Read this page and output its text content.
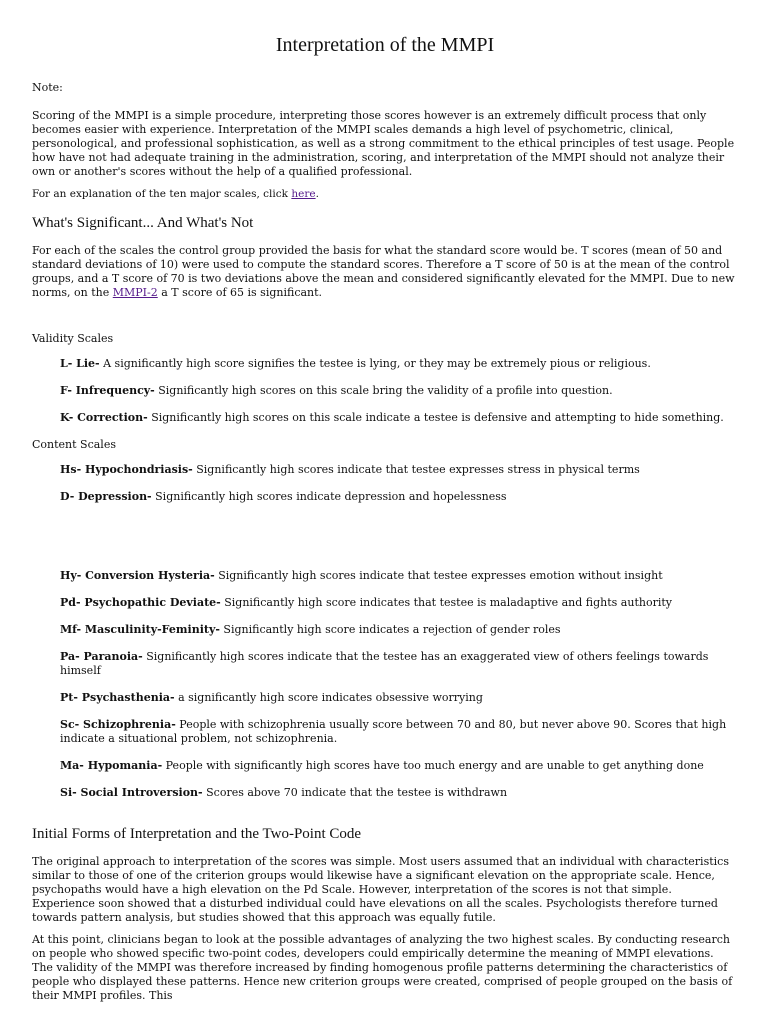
Interpretation of the MMPI

Note:

Scoring of the MMPI is a simple procedure, interpreting those scores however is an extremely difficult process that only becomes easier with experience. Interpretation of the MMPI scales demands a high level of psychometric, clinical, personological, and professional sophistication, as well as a strong commitment to the ethical principles of test usage. People how have not had adequate training in the administration, scoring, and interpretation of the MMPI should not analyze their own or another's scores without the help of a qualified professional.

For an explanation of the ten major scales, click here.

What's Significant... And What's Not

For each of the scales the control group provided the basis for what the standard score would be. T scores (mean of 50 and standard deviations of 10) were used to compute the standard scores. Therefore a T score of 50 is at the mean of the control groups, and a T score of 70 is two deviations above the mean and considered significantly elevated for the MMPI. Due to new norms, on the MMPI-2 a T score of 65 is significant.

Validity Scales
L- Lie- A significantly high score signifies the testee is lying, or they may be extremely pious or religious.
F- Infrequency- Significantly high scores on this scale bring the validity of a profile into question.
K- Correction- Significantly high scores on this scale indicate a testee is defensive and attempting to hide something.
Content Scales
Hs- Hypochondriasis- Significantly high scores indicate that testee expresses stress in physical terms
D- Depression- Significantly high scores indicate depression and hopelessness
Hy- Conversion Hysteria- Significantly high scores indicate that testee expresses emotion without insight
Pd- Psychopathic Deviate- Significantly high score indicates that testee is maladaptive and fights authority
Mf- Masculinity-Feminity- Significantly high score indicates a rejection of gender roles
Pa- Paranoia- Significantly high scores indicate that the testee has an exaggerated view of others feelings towards himself
Pt- Psychasthenia- a significantly high score indicates obsessive worrying
Sc- Schizophrenia- People with schizophrenia usually score between 70 and 80, but never above 90. Scores that high indicate a situational problem, not schizophrenia.
Ma- Hypomania- People with significantly high scores have too much energy and are unable to get anything done
Si- Social Introversion- Scores above 70 indicate that the testee is withdrawn
Initial Forms of Interpretation and the Two-Point Code

The original approach to interpretation of the scores was simple. Most users assumed that an individual with characteristics similar to those of one of the criterion groups would likewise have a significant elevation on the appropriate scale. Hence, psychopaths would have a high elevation on the Pd Scale. However, interpretation of the scores is not that simple. Experience soon showed that a disturbed individual could have elevations on all the scales. Psychologists therefore turned towards pattern analysis, but studies showed that this approach was equally futile.

At this point, clinicians began to look at the possible advantages of analyzing the two highest scales. By conducting research on people who showed specific two-point codes, developers could empirically determine the meaning of MMPI elevations. The validity of the MMPI was therefore increased by finding homogenous profile patterns determining the characteristics of people who displayed these patterns. Hence new criterion groups were created, comprised of people grouped on the basis of their MMPI profiles. This
